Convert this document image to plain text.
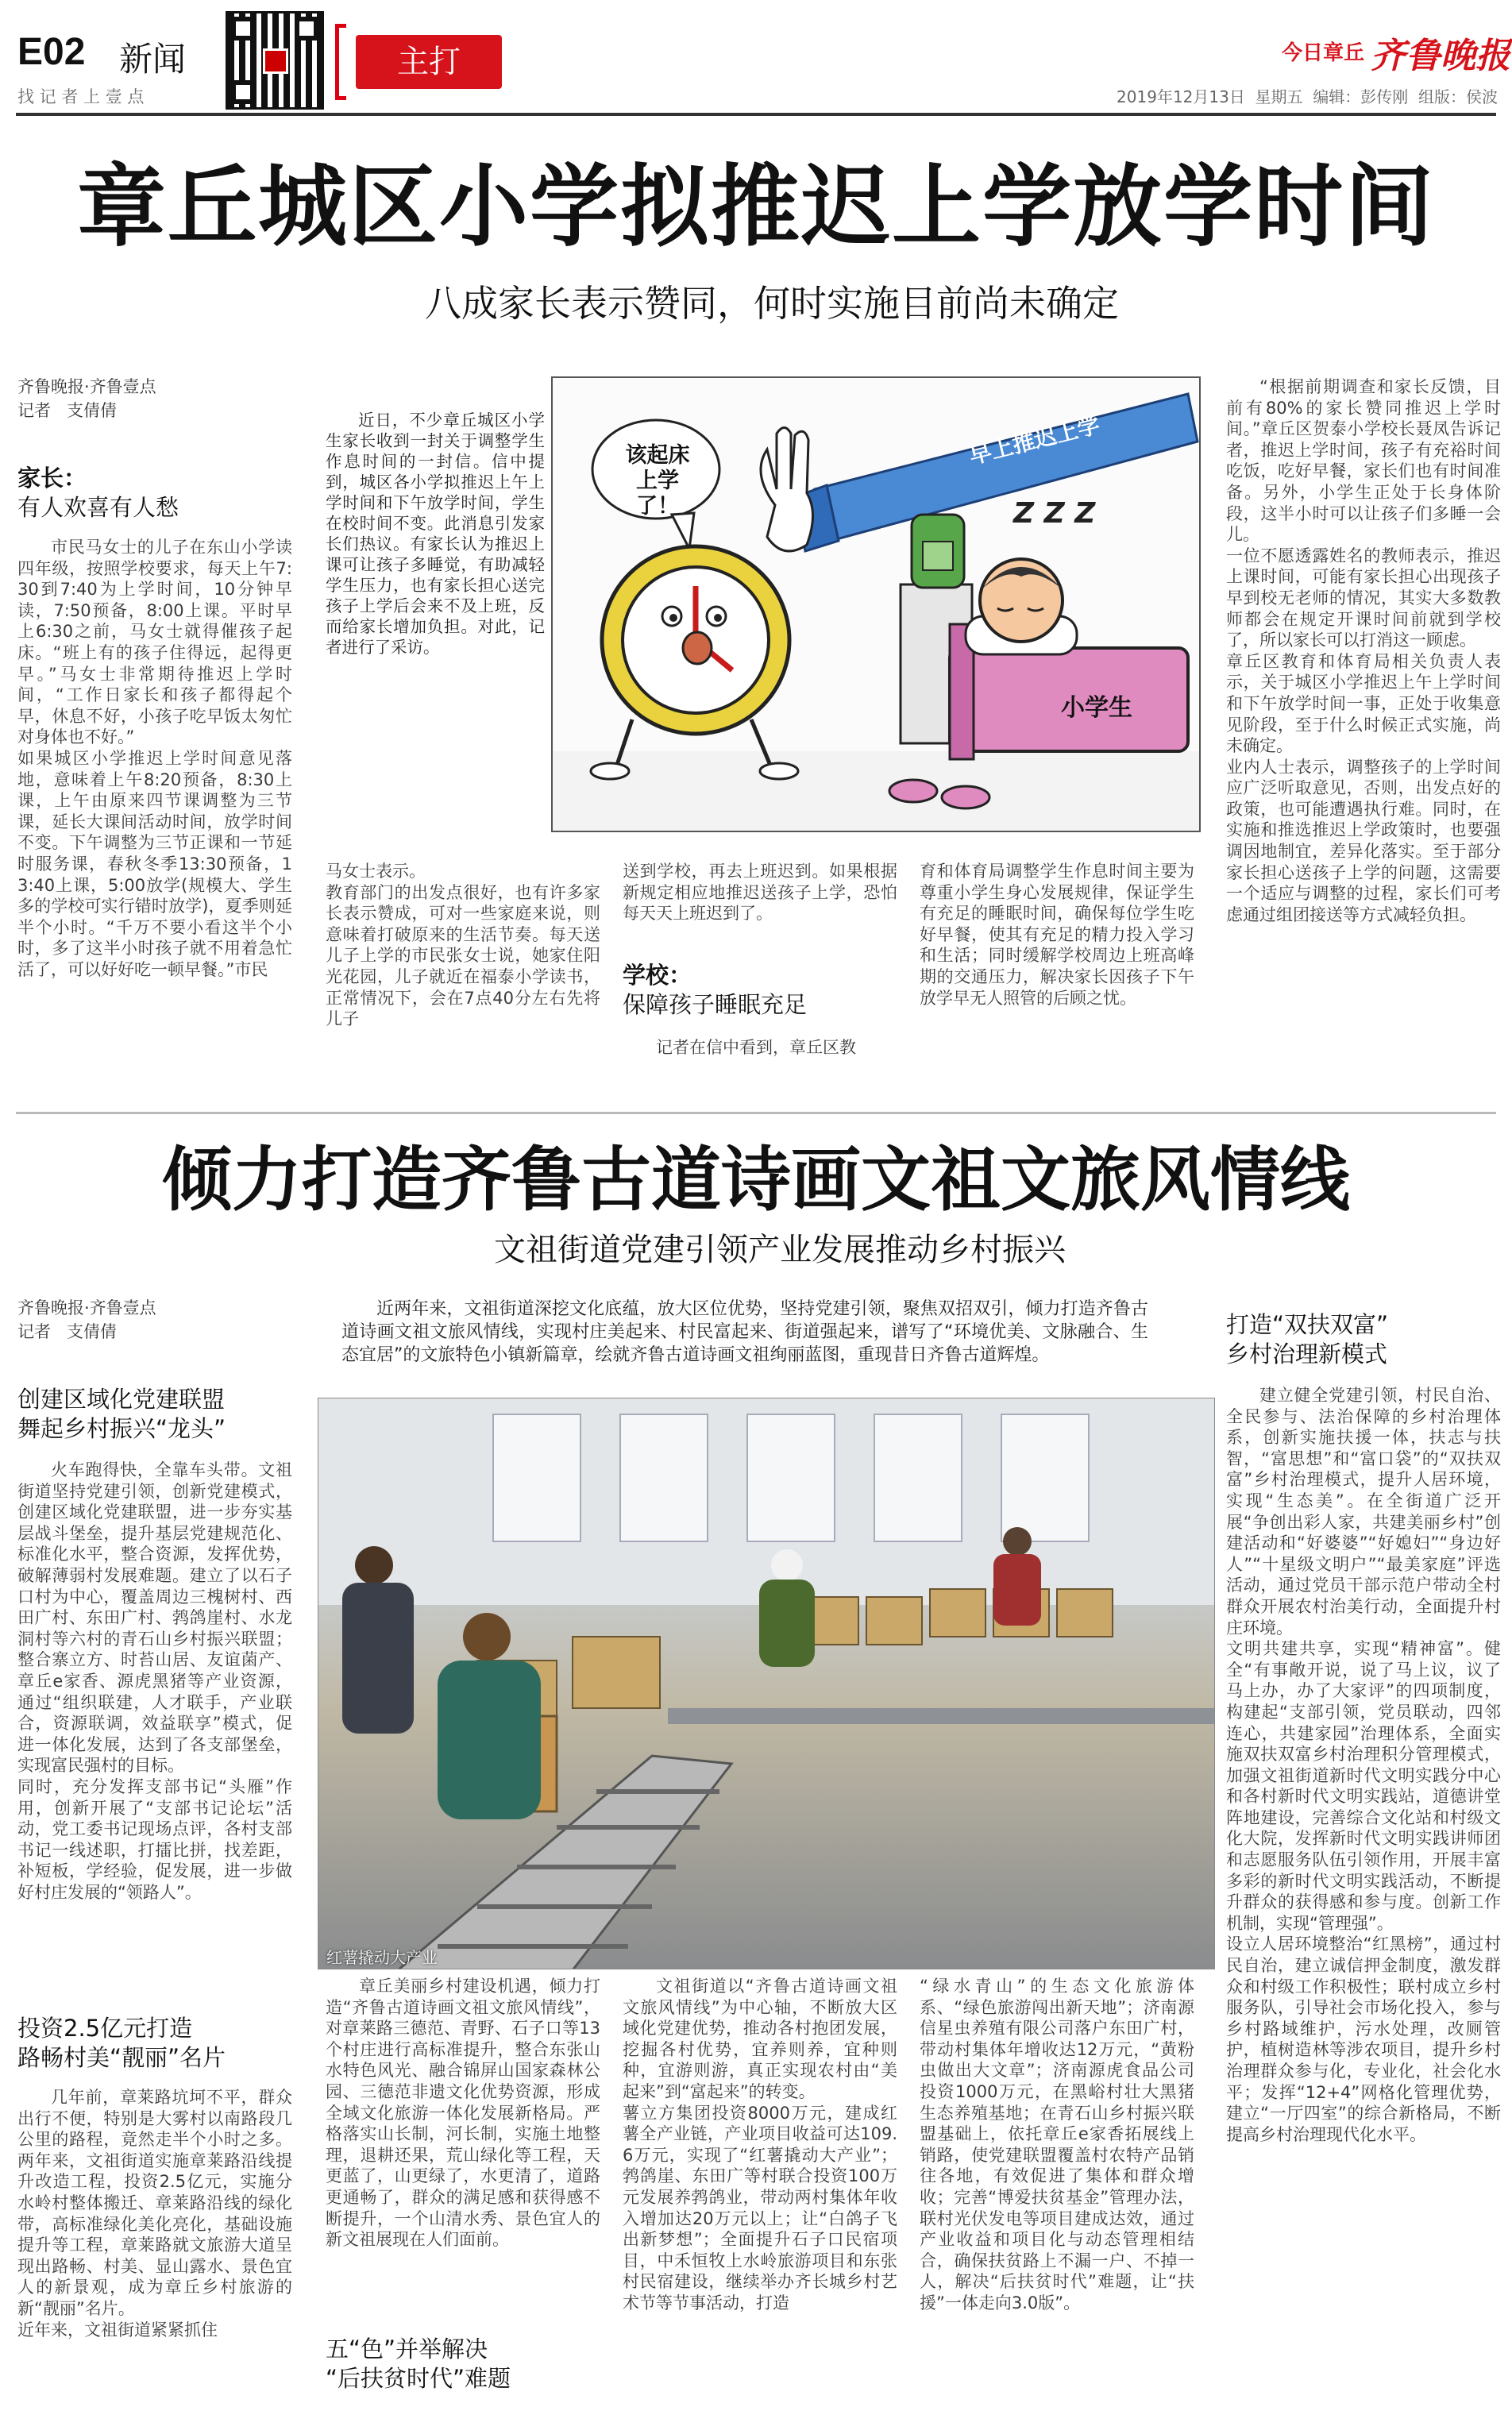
E02 新闻
找 记 者 上 壹 点
主打	今日章丘 齐鲁晚报
2019年12月13日  星期五  编辑：彭传刚  组版：侯波
章丘城区小学拟推迟上学放学时间
八成家长表示赞同，何时实施目前尚未确定
齐鲁晚报·齐鲁壹点
记者   支倩倩
家长：
有人欢喜有人愁
市民马女士的儿子在东山小学读四年级，按照学校要求，每天上午7:30到7:40为上学时间，10分钟早读，7:50预备，8:00上课。平时早上6:30之前，马女士就得催孩子起床。“班上有的孩子住得远，起得更早。”马女士非常期待推迟上学时间，“工作日家长和孩子都得起个早，休息不好，小孩子吃早饭太匆忙对身体也不好。”
如果城区小学推迟上学时间意见落地，意味着上午8:20预备，8:30上课，上午由原来四节课调整为三节课，延长大课间活动时间，放学时间不变。下午调整为三节正课和一节延时服务课，春秋冬季13:30预备，13:40上课，5:00放学(规模大、学生多的学校可实行错时放学)，夏季则延半个小时。“千万不要小看这半个小时，多了这半小时孩子就不用着急忙活了，可以好好吃一顿早餐。”市民
近日，不少章丘城区小学生家长收到一封关于调整学生作息时间的一封信。信中提到，城区各小学拟推迟上午上学时间和下午放学时间，学生在校时间不变。此消息引发家长们热议。有家长认为推迟上课可让孩子多睡觉，有助减轻学生压力，也有家长担心送完孩子上学后会来不及上班，反而给家长增加负担。对此，记者进行了采访。
该起床上学了！
早上推迟上学
小学生
Z Z Z
马女士表示。
教育部门的出发点很好，也有许多家长表示赞成，可对一些家庭来说，则意味着打破原来的生活节奏。每天送儿子上学的市民张女士说，她家住阳光花园，儿子就近在福泰小学读书，正常情况下，会在7点40分左右先将儿子
送到学校，再去上班迟到。如果根据新规定相应地推迟送孩子上学，恐怕每天天上班迟到了。
学校：
保障孩子睡眠充足
记者在信中看到，章丘区教
育和体育局调整学生作息时间主要为尊重小学生身心发展规律，保证学生有充足的睡眠时间，确保每位学生吃好早餐，使其有充足的精力投入学习和生活；同时缓解学校周边上班高峰期的交通压力，解决家长因孩子下午放学早无人照管的后顾之忧。
“根据前期调查和家长反馈，目前有80%的家长赞同推迟上学时间。”章丘区贺泰小学校长聂凤告诉记者，推迟上学时间，孩子有充裕时间吃饭，吃好早餐，家长们也有时间准备。另外，小学生正处于长身体阶段，这半小时可以让孩子们多睡一会儿。
一位不愿透露姓名的教师表示，推迟上课时间，可能有家长担心出现孩子早到校无老师的情况，其实大多数教师都会在规定开课时间前就到学校了，所以家长可以打消这一顾虑。
章丘区教育和体育局相关负责人表示，关于城区小学推迟上午上学时间和下午放学时间一事，正处于收集意见阶段，至于什么时候正式实施，尚未确定。
业内人士表示，调整孩子的上学时间应广泛听取意见，否则，出发点好的政策，也可能遭遇执行难。同时，在实施和推选推迟上学政策时，也要强调因地制宜，差异化落实。至于部分家长担心送孩子上学的问题，这需要一个适应与调整的过程，家长们可考虑通过组团接送等方式减轻负担。
倾力打造齐鲁古道诗画文祖文旅风情线
文祖街道党建引领产业发展推动乡村振兴
齐鲁晚报·齐鲁壹点
记者   支倩倩
近两年来，文祖街道深挖文化底蕴，放大区位优势，坚持党建引领，聚焦双招双引，倾力打造齐鲁古道诗画文祖文旅风情线，实现村庄美起来、村民富起来、街道强起来，谱写了“环境优美、文脉融合、生态宜居”的文旅特色小镇新篇章，绘就齐鲁古道诗画文祖绚丽蓝图，重现昔日齐鲁古道辉煌。
创建区域化党建联盟
舞起乡村振兴“龙头”
火车跑得快，全靠车头带。文祖街道坚持党建引领，创新党建模式，创建区域化党建联盟，进一步夯实基层战斗堡垒，提升基层党建规范化、标准化水平，整合资源，发挥优势，破解薄弱村发展难题。建立了以石子口村为中心，覆盖周边三槐树村、西田广村、东田广村、鹁鸽崖村、水龙洞村等六村的青石山乡村振兴联盟；整合寨立方、时苔山居、友谊菌产、章丘e家香、源虎黑猪等产业资源，通过“组织联建，人才联手，产业联合，资源联调，效益联享”模式，促进一体化发展，达到了各支部堡垒，实现富民强村的目标。
同时，充分发挥支部书记“头雁”作用，创新开展了“支部书记论坛”活动，党工委书记现场点评，各村支部书记一线述职，打擂比拼，找差距，补短板，学经验，促发展，进一步做好村庄发展的“领路人”。
投资2.5亿元打造
路畅村美“靓丽”名片
几年前，章莱路坑坷不平，群众出行不便，特别是大雾村以南路段几公里的路程，竟然走半个小时之多。两年来，文祖街道实施章莱路沿线提升改造工程，投资2.5亿元，实施分水岭村整体搬迁、章莱路沿线的绿化带，高标准绿化美化亮化，基础设施提升等工程，章莱路就文旅游大道呈现出路畅、村美、显山露水、景色宜人的新景观，成为章丘乡村旅游的新“靓丽”名片。
近年来，文祖街道紧紧抓住
红薯撬动大产业
章丘美丽乡村建设机遇，倾力打造“齐鲁古道诗画文祖文旅风情线”，对章莱路三德范、青野、石子口等13个村庄进行高标准提升，整合东张山水特色风光、融合锦屏山国家森林公园、三德范非遗文化优势资源，形成全域文化旅游一体化发展新格局。严格落实山长制，河长制，实施土地整理，退耕还果，荒山绿化等工程，天更蓝了，山更绿了，水更清了，道路更通畅了，群众的满足感和获得感不断提升，一个山清水秀、景色宜人的新文祖展现在人们面前。
五“色”并举解决
“后扶贫时代”难题
文祖街道以“齐鲁古道诗画文祖文旅风情线”为中心轴，不断放大区域化党建优势，推动各村抱团发展，挖掘各村优势，宜养则养，宜种则种，宜游则游，真正实现农村由“美起来”到“富起来”的转变。
薯立方集团投资8000万元，建成红薯全产业链，产业项目收益可达109.6万元，实现了“红薯撬动大产业”；鹁鸽崖、东田广等村联合投资100万元发展养鹁鸽业，带动两村集体年收入增加达20万元以上；让“白鸽子飞出新梦想”；全面提升石子口民宿项目，中禾恒牧上水岭旅游项目和东张村民宿建设，继续举办齐长城乡村艺术节等节事活动，打造
“绿水青山”的生态文化旅游体系、“绿色旅游闯出新天地”；济南源信星虫养殖有限公司落户东田广村，带动村集体年增收达12万元，“黄粉虫做出大文章”；济南源虎食品公司投资1000万元，在黑峪村壮大黑猪生态养殖基地；在青石山乡村振兴联盟基础上，依托章丘e家香拓展线上销路，使党建联盟覆盖村农特产品销往各地，有效促进了集体和群众增收；完善“博爱扶贫基金”管理办法，联村光伏发电等项目建成达效，通过产业收益和项目化与动态管理相结合，确保扶贫路上不漏一户、不掉一人，解决“后扶贫时代”难题，让“扶援”一体走向3.0版”。
打造“双扶双富”
乡村治理新模式
建立健全党建引领，村民自治、全民参与、法治保障的乡村治理体系，创新实施扶援一体，扶志与扶智，“富思想”和“富口袋”的“双扶双富”乡村治理模式，提升人居环境，实现“生态美”。在全街道广泛开展“争创出彩人家，共建美丽乡村”创建活动和“好婆婆”“好媳妇”“身边好人”“十星级文明户”“最美家庭”评选活动，通过党员干部示范户带动全村群众开展农村治美行动，全面提升村庄环境。
文明共建共享，实现“精神富”。健全“有事敞开说，说了马上议，议了马上办，办了大家评”的四项制度，构建起“支部引领，党员联动，四邻连心，共建家园”治理体系，全面实施双扶双富乡村治理积分管理模式，加强文祖街道新时代文明实践分中心和各村新时代文明实践站，道德讲堂阵地建设，完善综合文化站和村级文化大院，发挥新时代文明实践讲师团和志愿服务队伍引领作用，开展丰富多彩的新时代文明实践活动，不断提升群众的获得感和参与度。创新工作机制，实现“管理强”。
设立人居环境整治“红黑榜”，通过村民自治，建立诚信押金制度，激发群众和村级工作积极性；联村成立乡村服务队，引导社会市场化投入，参与乡村路域维护，污水处理，改厕管护，植树造林等涉农项目，提升乡村治理群众参与化，专业化，社会化水平；发挥“12+4”网格化管理优势，建立“一厅四室”的综合新格局，不断提高乡村治理现代化水平。
